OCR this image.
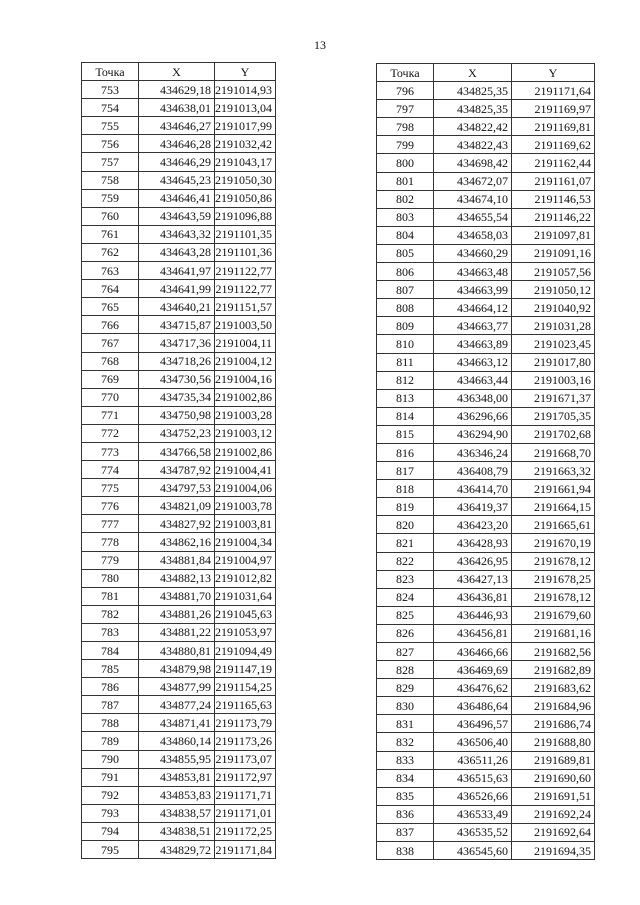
13
Точка	X	Y
753	434629,18	2191014,93
754	434638,01	2191013,04
755	434646,27	2191017,99
756	434646,28	2191032,42
757	434646,29	2191043,17
758	434645,23	2191050,30
759	434646,41	2191050,86
760	434643,59	2191096,88
761	434643,32	2191101,35
762	434643,28	2191101,36
763	434641,97	2191122,77
764	434641,99	2191122,77
765	434640,21	2191151,57
766	434715,87	2191003,50
767	434717,36	2191004,11
768	434718,26	2191004,12
769	434730,56	2191004,16
770	434735,34	2191002,86
771	434750,98	2191003,28
772	434752,23	2191003,12
773	434766,58	2191002,86
774	434787,92	2191004,41
775	434797,53	2191004,06
776	434821,09	2191003,78
777	434827,92	2191003,81
778	434862,16	2191004,34
779	434881,84	2191004,97
780	434882,13	2191012,82
781	434881,70	2191031,64
782	434881,26	2191045,63
783	434881,22	2191053,97
784	434880,81	2191094,49
785	434879,98	2191147,19
786	434877,99	2191154,25
787	434877,24	2191165,63
788	434871,41	2191173,79
789	434860,14	2191173,26
790	434855,95	2191173,07
791	434853,81	2191172,97
792	434853,83	2191171,71
793	434838,57	2191171,01
794	434838,51	2191172,25
795	434829,72	2191171,84
Точка	X	Y
796	434825,35	2191171,64
797	434825,35	2191169,97
798	434822,42	2191169,81
799	434822,43	2191169,62
800	434698,42	2191162,44
801	434672,07	2191161,07
802	434674,10	2191146,53
803	434655,54	2191146,22
804	434658,03	2191097,81
805	434660,29	2191091,16
806	434663,48	2191057,56
807	434663,99	2191050,12
808	434664,12	2191040,92
809	434663,77	2191031,28
810	434663,89	2191023,45
811	434663,12	2191017,80
812	434663,44	2191003,16
813	436348,00	2191671,37
814	436296,66	2191705,35
815	436294,90	2191702,68
816	436346,24	2191668,70
817	436408,79	2191663,32
818	436414,70	2191661,94
819	436419,37	2191664,15
820	436423,20	2191665,61
821	436428,93	2191670,19
822	436426,95	2191678,12
823	436427,13	2191678,25
824	436436,81	2191678,12
825	436446,93	2191679,60
826	436456,81	2191681,16
827	436466,66	2191682,56
828	436469,69	2191682,89
829	436476,62	2191683,62
830	436486,64	2191684,96
831	436496,57	2191686,74
832	436506,40	2191688,80
833	436511,26	2191689,81
834	436515,63	2191690,60
835	436526,66	2191691,51
836	436533,49	2191692,24
837	436535,52	2191692,64
838	436545,60	2191694,35
